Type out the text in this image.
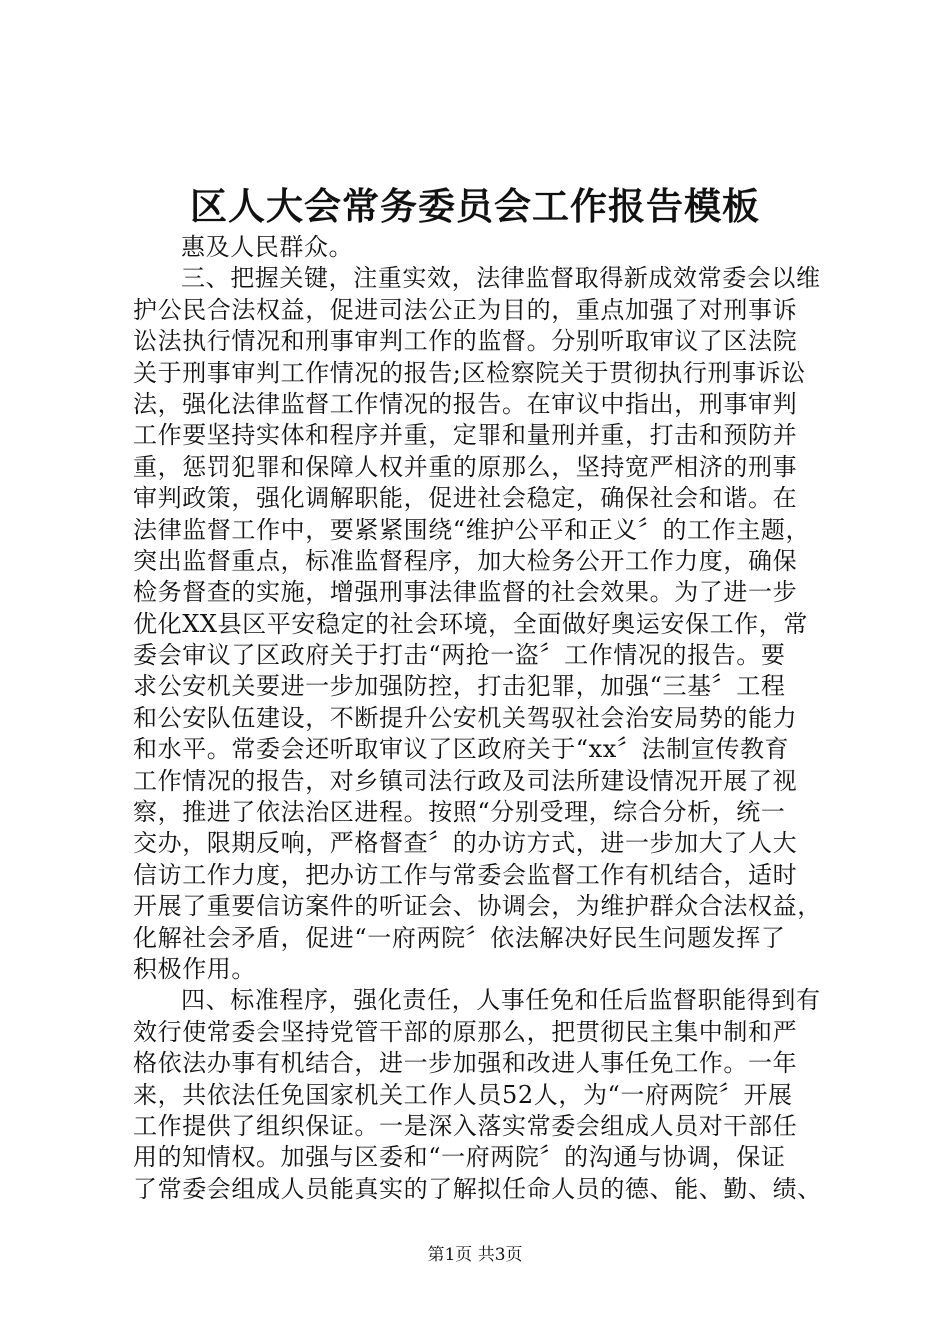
区人大会常务委员会工作报告模板
惠及人民群众。
三、把握关键，注重实效，法律监督取得新成效常委会以维
护公民合法权益，促进司法公正为目的，重点加强了对刑事诉
讼法执行情况和刑事审判工作的监督。分别听取审议了区法院
关于刑事审判工作情况的报告;区检察院关于贯彻执行刑事诉讼
法，强化法律监督工作情况的报告。在审议中指出，刑事审判
工作要坚持实体和程序并重，定罪和量刑并重，打击和预防并
重，惩罚犯罪和保障人权并重的原那么，坚持宽严相济的刑事
审判政策，强化调解职能，促进社会稳定，确保社会和谐。在
法律监督工作中，要紧紧围绕“维护公平和正义〞的工作主题，
突出监督重点，标准监督程序，加大检务公开工作力度，确保
检务督查的实施，增强刑事法律监督的社会效果。为了进一步
优化XX县区平安稳定的社会环境，全面做好奥运安保工作，常
委会审议了区政府关于打击“两抢一盗〞工作情况的报告。要
求公安机关要进一步加强防控，打击犯罪，加强“三基〞工程
和公安队伍建设，不断提升公安机关驾驭社会治安局势的能力
和水平。常委会还听取审议了区政府关于“xx〞法制宣传教育
工作情况的报告，对乡镇司法行政及司法所建设情况开展了视
察，推进了依法治区进程。按照“分别受理，综合分析，统一
交办，限期反响，严格督查〞的办访方式，进一步加大了人大
信访工作力度，把办访工作与常委会监督工作有机结合，适时
开展了重要信访案件的听证会、协调会，为维护群众合法权益，
化解社会矛盾，促进“一府两院〞依法解决好民生问题发挥了
积极作用。
四、标准程序，强化责任，人事任免和任后监督职能得到有
效行使常委会坚持党管干部的原那么，把贯彻民主集中制和严
格依法办事有机结合，进一步加强和改进人事任免工作。一年
来，共依法任免国家机关工作人员52人，为“一府两院〞开展
工作提供了组织保证。一是深入落实常委会组成人员对干部任
用的知情权。加强与区委和“一府两院〞的沟通与协调，保证
了常委会组成人员能真实的了解拟任命人员的德、能、勤、绩、
第1页 共3页
